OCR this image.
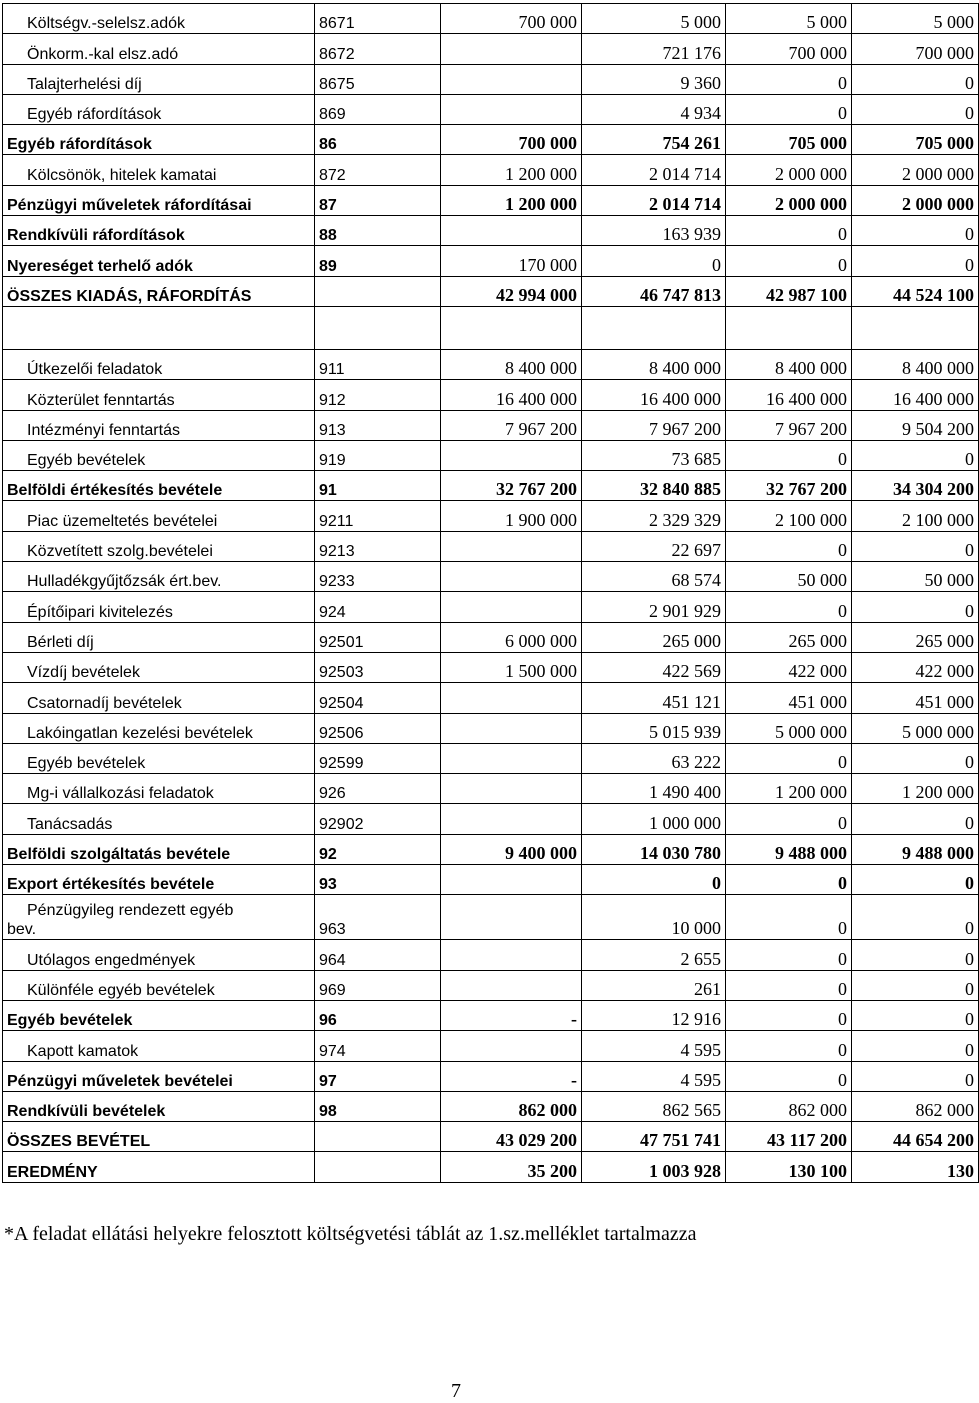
Költségv.-selelsz.adók	8671	700 000	5 000	5 000	5 000
Önkorm.-kal elsz.adó	8672		721 176	700 000	700 000
Talajterhelési díj	8675		9 360	0	0
Egyéb ráfordítások	869		4 934	0	0
Egyéb ráfordítások	86	700 000	754 261	705 000	705 000
Kölcsönök, hitelek kamatai	872	1 200 000	2 014 714	2 000 000	2 000 000
Pénzügyi műveletek ráfordításai	87	1 200 000	2 014 714	2 000 000	2 000 000
Rendkívüli ráfordítások	88		163 939	0	0
Nyereséget terhelő adók	89	170 000	0	0	0
ÖSSZES KIADÁS, RÁFORDÍTÁS		42 994 000	46 747 813	42 987 100	44 524 100

Útkezelői feladatok	911	8 400 000	8 400 000	8 400 000	8 400 000
Közterület fenntartás	912	16 400 000	16 400 000	16 400 000	16 400 000
Intézményi fenntartás	913	7 967 200	7 967 200	7 967 200	9 504 200
Egyéb bevételek	919		73 685	0	0
Belföldi értékesítés bevétele	91	32 767 200	32 840 885	32 767 200	34 304 200
Piac üzemeltetés bevételei	9211	1 900 000	2 329 329	2 100 000	2 100 000
Közvetített szolg.bevételei	9213		22 697	0	0
Hulladékgyűjtőzsák ért.bev.	9233		68 574	50 000	50 000
Építőipari kivitelezés	924		2 901 929	0	0
Bérleti díj	92501	6 000 000	265 000	265 000	265 000
Vízdíj bevételek	92503	1 500 000	422 569	422 000	422 000
Csatornadíj bevételek	92504		451 121	451 000	451 000
Lakóingatlan kezelési bevételek	92506		5 015 939	5 000 000	5 000 000
Egyéb bevételek	92599		63 222	0	0
Mg-i vállalkozási feladatok	926		1 490 400	1 200 000	1 200 000
Tanácsadás	92902		1 000 000	0	0
Belföldi szolgáltatás bevétele	92	9 400 000	14 030 780	9 488 000	9 488 000
Export értékesítés bevétele	93		0	0	0

Pénzügyileg rendezett egyéb
bev.	963		10 000	0	0
Utólagos engedmények	964		2 655	0	0
Különféle egyéb bevételek	969		261	0	0
Egyéb bevételek	96	-	12 916	0	0
Kapott kamatok	974		4 595	0	0
Pénzügyi műveletek bevételei	97	-	4 595	0	0
Rendkívüli bevételek	98	862 000	862 565	862 000	862 000
ÖSSZES BEVÉTEL		43 029 200	47 751 741	43 117 200	44 654 200
EREDMÉNY		35 200	1 003 928	130 100	130
*A feladat ellátási helyekre felosztott költségvetési táblát az 1.sz.melléklet tartalmazza
7
